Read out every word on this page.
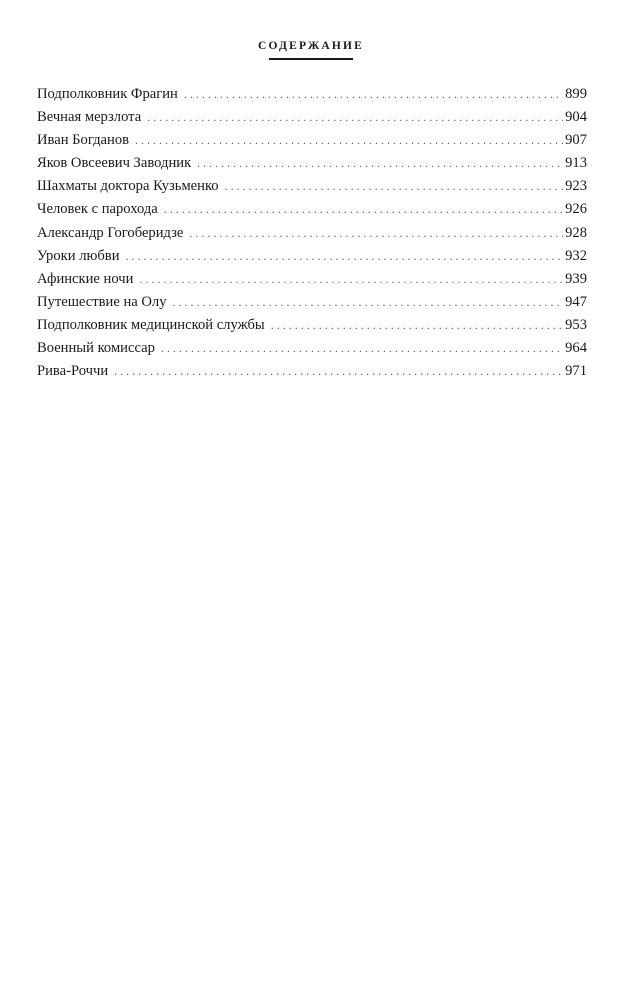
СОДЕРЖАНИЕ
Подполковник Фрагин . . .	899
Вечная мерзлота . . .	904
Иван Богданов . . .	907
Яков Овсеевич Заводник . . .	913
Шахматы доктора Кузьменко . . .	923
Человек с парохода . . .	926
Александр Гогоберидзе . . .	928
Уроки любви . . .	932
Афинские ночи . . .	939
Путешествие на Олу . . .	947
Подполковник медицинской службы . . .	953
Военный комиссар . . .	964
Рива-Роччи . . .	971
